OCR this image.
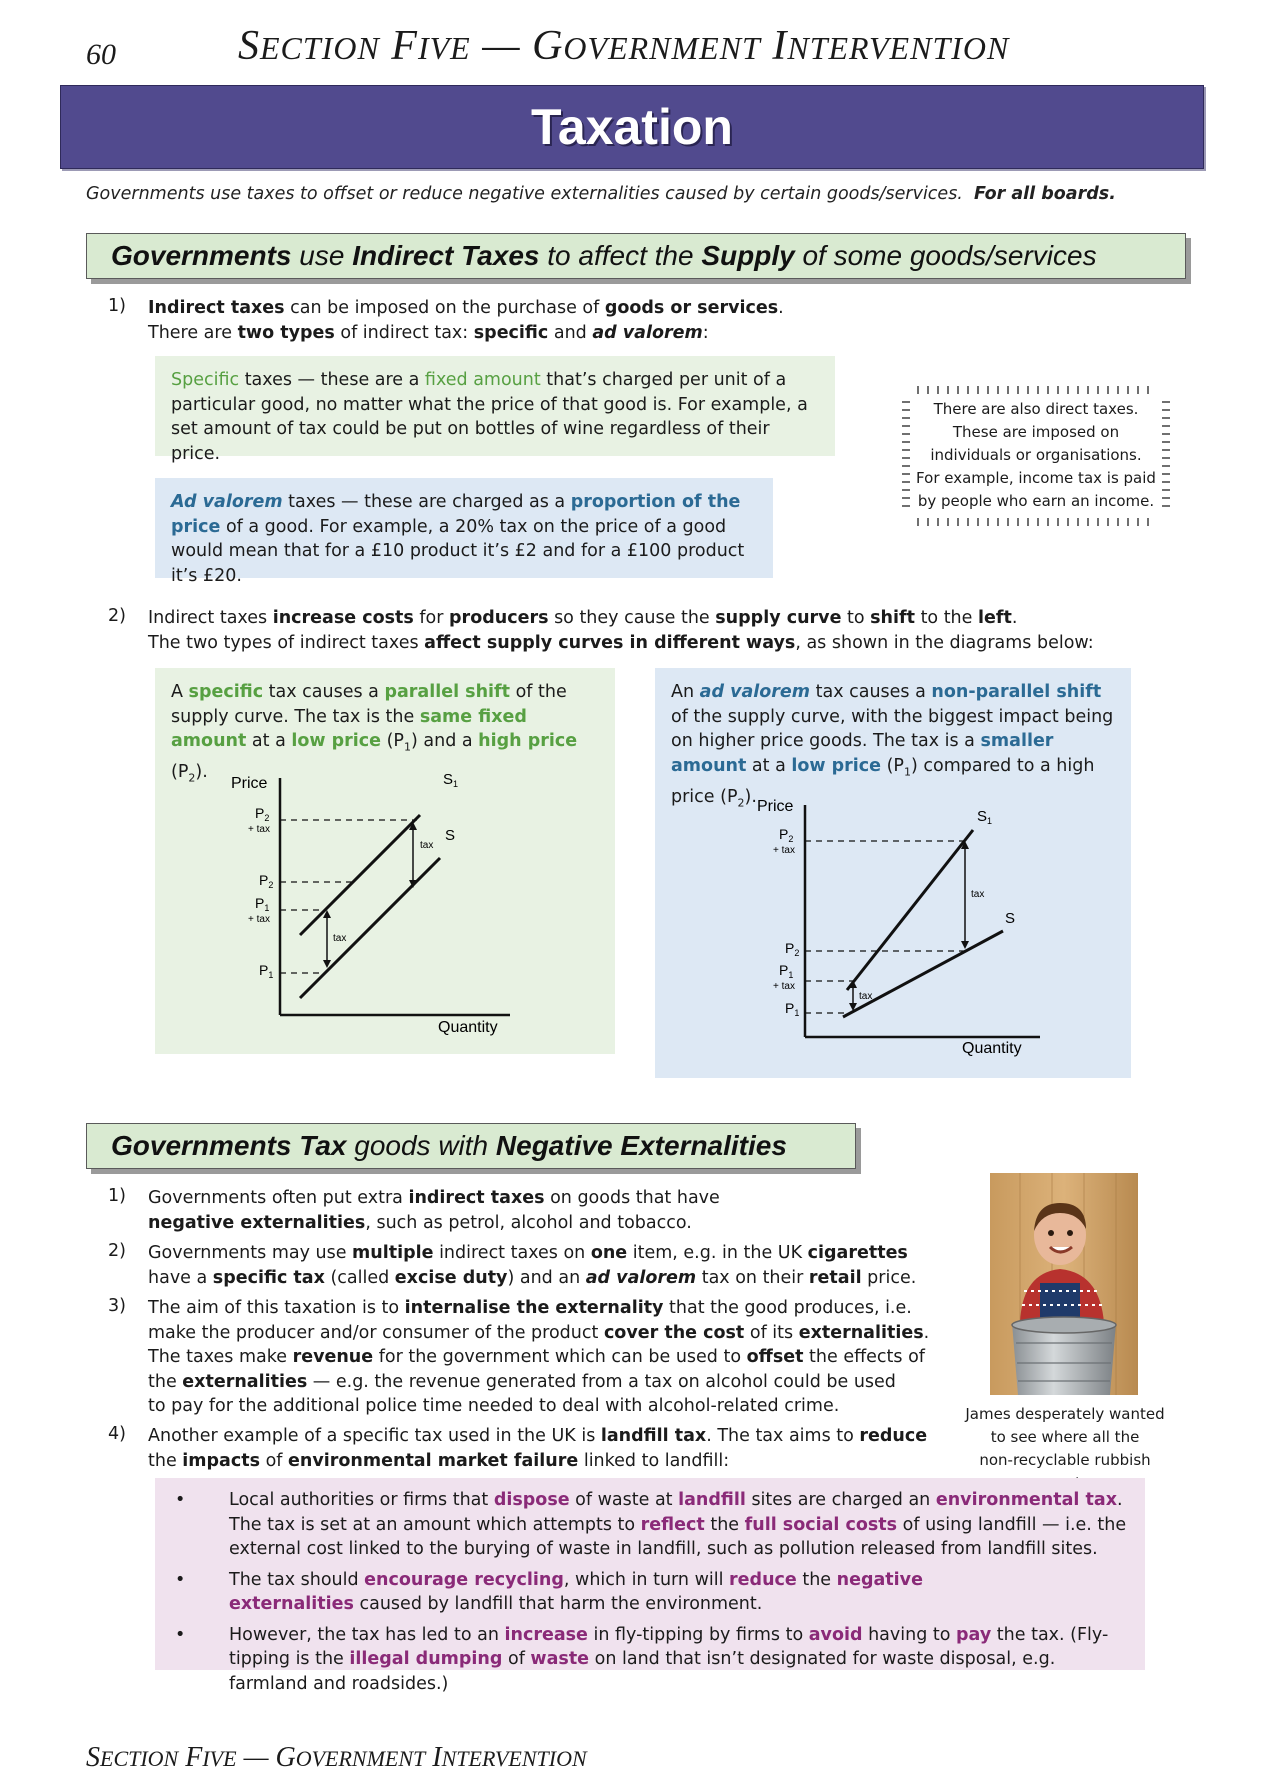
60	SECTION FIVE — GOVERNMENT INTERVENTION
Taxation
Governments use taxes to offset or reduce negative externalities caused by certain goods/services. For all boards.
Governments use Indirect Taxes to affect the Supply of some goods/services
1) Indirect taxes can be imposed on the purchase of goods or services.
There are two types of indirect tax: specific and ad valorem:
Specific taxes — these are a fixed amount that’s charged per unit of a particular good, no matter what the price of that good is. For example, a set amount of tax could be put on bottles of wine regardless of their price.
Ad valorem taxes — these are charged as a proportion of the price of a good. For example, a 20% tax on the price of a good would mean that for a £10 product it’s £2 and for a £100 product it’s £20.
There are also direct taxes.
These are imposed on
individuals or organisations.
For example, income tax is paid
by people who earn an income.
2) Indirect taxes increase costs for producers so they cause the supply curve to shift to the left.
The two types of indirect taxes affect supply curves in different ways, as shown in the diagrams below:
A specific tax causes a parallel shift of the supply curve. The tax is the same fixed amount at a low price $(P_1)$ and a high price $(P_2)$.
Price
Quantity
$S_1$
S
$P_2$
+ tax
$P_2$
$P_1$
+ tax
$P_1$
tax
tax
An ad valorem tax causes a non-parallel shift of the supply curve, with the biggest impact being on higher price goods. The tax is a smaller amount at a low price $(P_1)$ compared to a high price $(P_2)$. Price
Quantity
$S_1$
S
$P_2$
+ tax
$P_2$
$P_1$
+ tax
$P_1$
tax
tax
Governments Tax goods with Negative Externalities
1) Governments often put extra indirect taxes on goods that have
negative externalities, such as petrol, alcohol and tobacco.
2) Governments may use multiple indirect taxes on one item, e.g. in the UK cigarettes
have a specific tax (called excise duty) and an ad valorem tax on their retail price.
3) The aim of this taxation is to internalise the externality that the good produces, i.e.
make the producer and/or consumer of the product cover the cost of its externalities.
The taxes make revenue for the government which can be used to offset the effects of
the externalities — e.g. the revenue generated from a tax on alcohol could be used
to pay for the additional police time needed to deal with alcohol-related crime.
4) Another example of a specific tax used in the UK is landfill tax. The tax aims to reduce
the impacts of environmental market failure linked to landfill:
James desperately wanted
to see where all the
non-recyclable rubbish
• Local authorities or firms that dispose of waste at landfill sites are charged an environmental tax.
The tax is set at an amount which attempts to reflect the full social costs of using landfill — i.e. the external cost linked to the burying of waste in landfill, such as pollution released from landfill sites.
• The tax should encourage recycling, which in turn will reduce the negative
externalities caused by landfill that harm the environment.
• However, the tax has led to an increase in fly-tipping by firms to avoid having to pay the tax. (Fly-tipping is the illegal dumping of waste on land that isn’t designated for waste disposal, e.g. farmland and roadsides.)
SECTION FIVE — GOVERNMENT INTERVENTION
